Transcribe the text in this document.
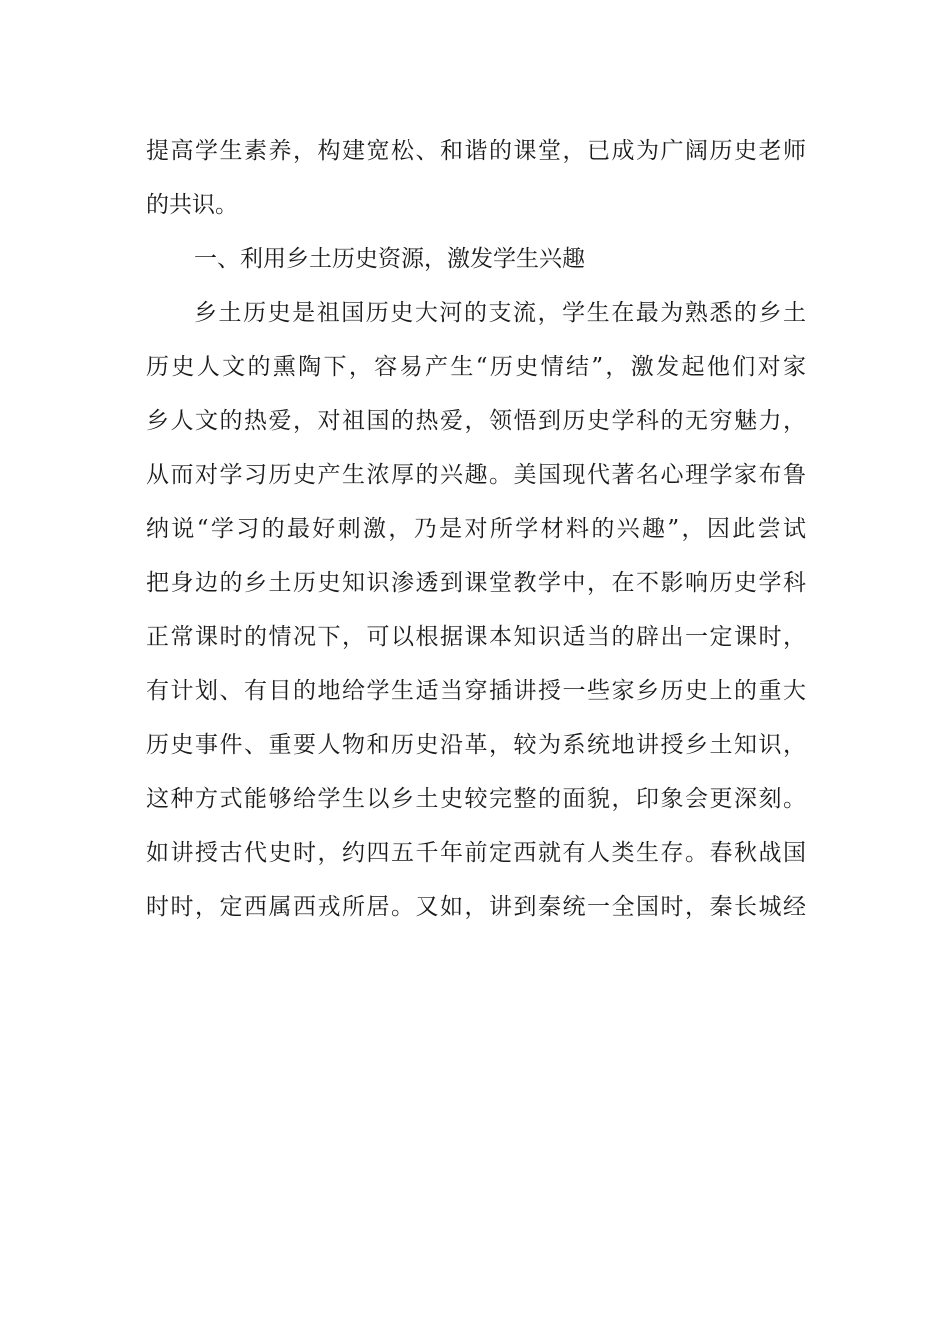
提高学生素养，构建宽松、和谐的课堂，已成为广阔历史老师
的共识。
一、利用乡土历史资源，激发学生兴趣
乡土历史是祖国历史大河的支流，学生在最为熟悉的乡土
历史人文的熏陶下，容易产生“历史情结”，激发起他们对家
乡人文的热爱，对祖国的热爱，领悟到历史学科的无穷魅力，
从而对学习历史产生浓厚的兴趣。美国现代著名心理学家布鲁
纳说“学习的最好刺激，乃是对所学材料的兴趣”，因此尝试
把身边的乡土历史知识渗透到课堂教学中，在不影响历史学科
正常课时的情况下，可以根据课本知识适当的辟出一定课时，
有计划、有目的地给学生适当穿插讲授一些家乡历史上的重大
历史事件、重要人物和历史沿革，较为系统地讲授乡土知识，
这种方式能够给学生以乡土史较完整的面貌，印象会更深刻。
如讲授古代史时，约四五千年前定西就有人类生存。春秋战国
时时，定西属西戎所居。又如，讲到秦统一全国时，秦长城经
